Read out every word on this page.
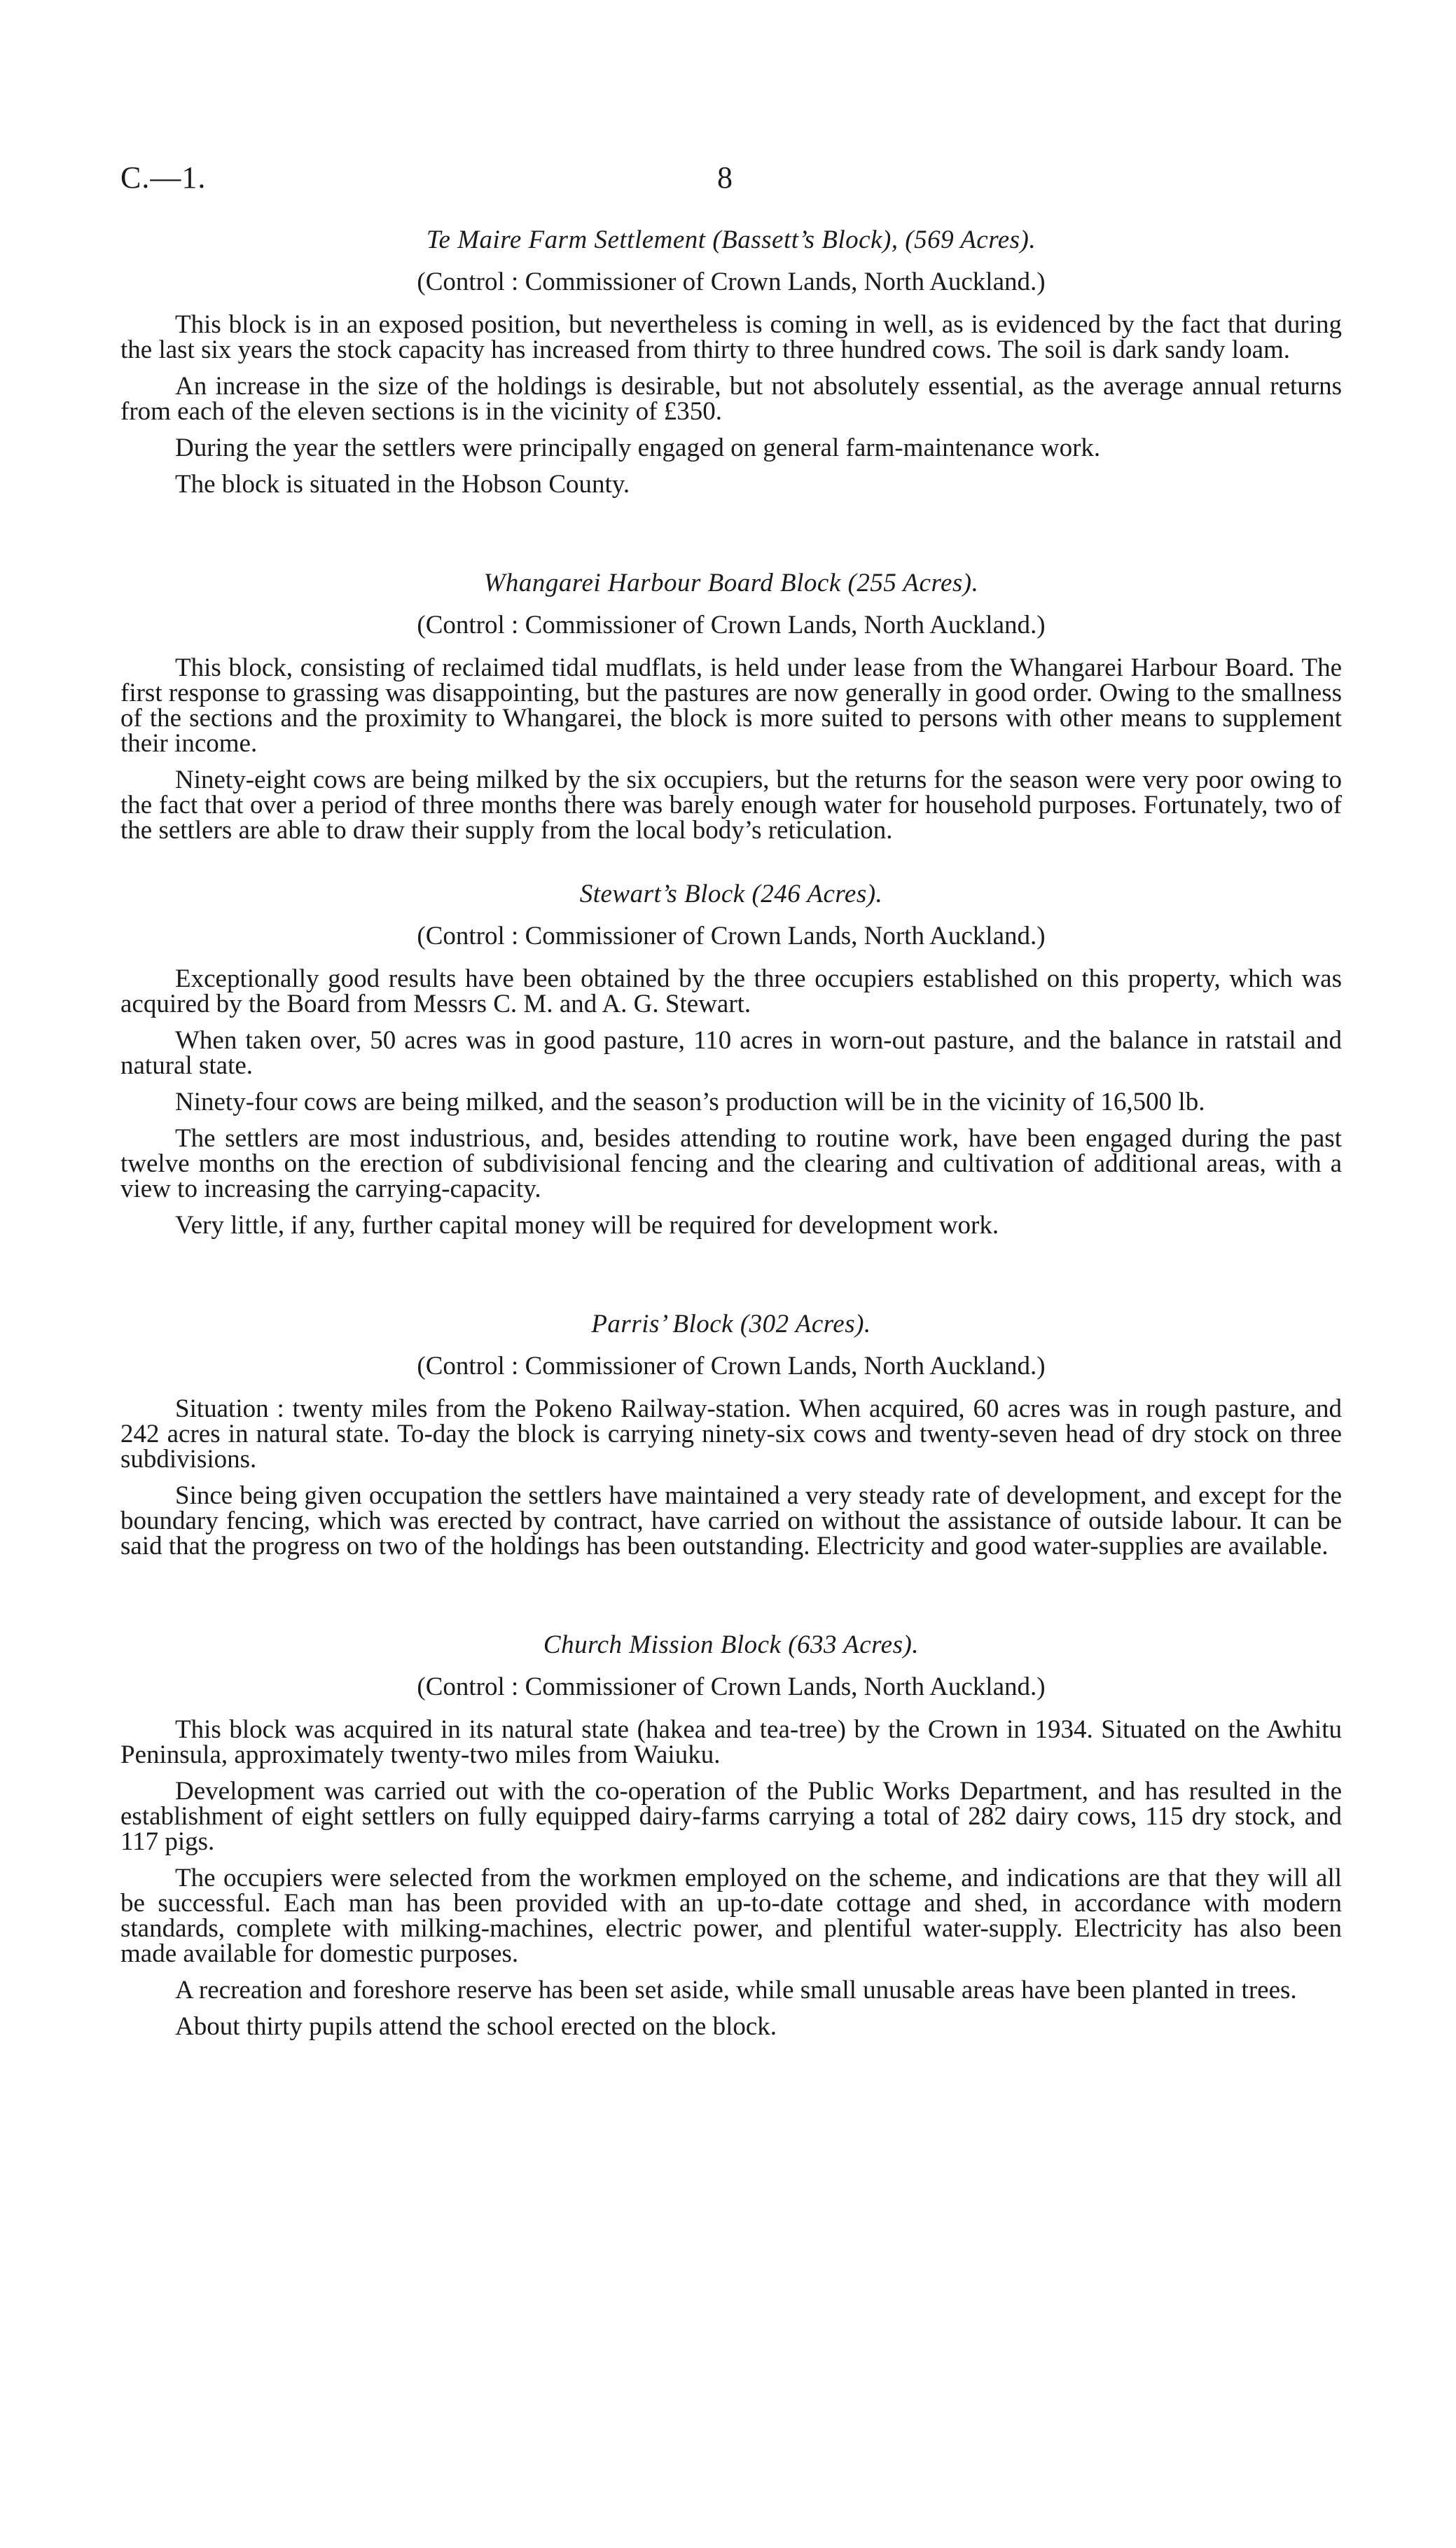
C.—1.	8
Te Maire Farm Settlement (Bassett’s Block), (569 Acres).
(Control : Commissioner of Crown Lands, North Auckland.)

This block is in an exposed position, but nevertheless is coming in well, as is evidenced by the fact that during the last six years the stock capacity has increased from thirty to three hundred cows. The soil is dark sandy loam.

An increase in the size of the holdings is desirable, but not absolutely essential, as the average annual returns from each of the eleven sections is in the vicinity of £350.

During the year the settlers were principally engaged on general farm-maintenance work.

The block is situated in the Hobson County.

Whangarei Harbour Board Block (255 Acres).
(Control : Commissioner of Crown Lands, North Auckland.)

This block, consisting of reclaimed tidal mudflats, is held under lease from the Whangarei Harbour Board. The first response to grassing was disappointing, but the pastures are now generally in good order. Owing to the smallness of the sections and the proximity to Whangarei, the block is more suited to persons with other means to supplement their income.

Ninety-eight cows are being milked by the six occupiers, but the returns for the season were very poor owing to the fact that over a period of three months there was barely enough water for household purposes. Fortunately, two of the settlers are able to draw their supply from the local body’s reticulation.

Stewart’s Block (246 Acres).
(Control : Commissioner of Crown Lands, North Auckland.)

Exceptionally good results have been obtained by the three occupiers established on this property, which was acquired by the Board from Messrs C. M. and A. G. Stewart.

When taken over, 50 acres was in good pasture, 110 acres in worn-out pasture, and the balance in ratstail and natural state.

Ninety-four cows are being milked, and the season’s production will be in the vicinity of 16,500 lb.

The settlers are most industrious, and, besides attending to routine work, have been engaged during the past twelve months on the erection of subdivisional fencing and the clearing and cultivation of additional areas, with a view to increasing the carrying-capacity.

Very little, if any, further capital money will be required for development work.

Parris’ Block (302 Acres).
(Control : Commissioner of Crown Lands, North Auckland.)

Situation : twenty miles from the Pokeno Railway-station. When acquired, 60 acres was in rough pasture, and 242 acres in natural state. To-day the block is carrying ninety-six cows and twenty-seven head of dry stock on three subdivisions.

Since being given occupation the settlers have maintained a very steady rate of development, and except for the boundary fencing, which was erected by contract, have carried on without the assistance of outside labour. It can be said that the progress on two of the holdings has been outstanding. Electricity and good water-supplies are available.

Church Mission Block (633 Acres).
(Control : Commissioner of Crown Lands, North Auckland.)

This block was acquired in its natural state (hakea and tea-tree) by the Crown in 1934. Situated on the Awhitu Peninsula, approximately twenty-two miles from Waiuku.

Development was carried out with the co-operation of the Public Works Department, and has resulted in the establishment of eight settlers on fully equipped dairy-farms carrying a total of 282 dairy cows, 115 dry stock, and 117 pigs.

The occupiers were selected from the workmen employed on the scheme, and indications are that they will all be successful. Each man has been provided with an up-to-date cottage and shed, in accordance with modern standards, complete with milking-machines, electric power, and plentiful water-supply. Electricity has also been made available for domestic purposes.

A recreation and foreshore reserve has been set aside, while small unusable areas have been planted in trees.

About thirty pupils attend the school erected on the block.
